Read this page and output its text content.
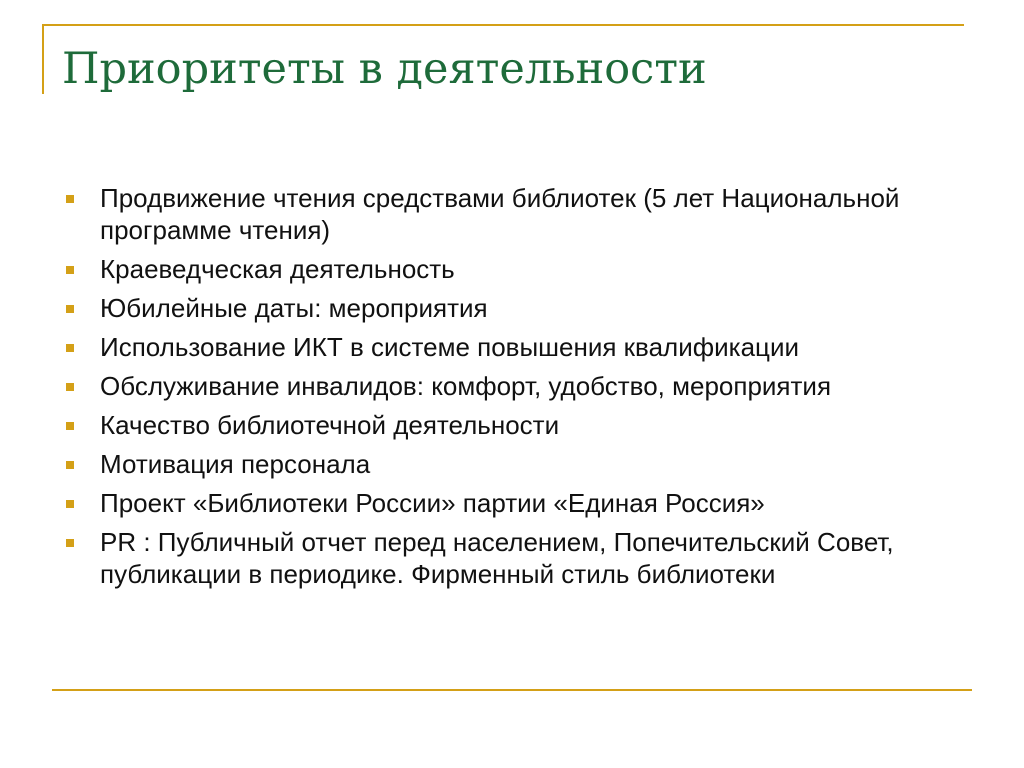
Приоритеты в деятельности
Продвижение чтения средствами библиотек (5 лет Национальной программе чтения)
Краеведческая деятельность
Юбилейные даты: мероприятия
Использование ИКТ в системе повышения квалификации
Обслуживание инвалидов: комфорт, удобство, мероприятия
Качество библиотечной деятельности
Мотивация персонала
Проект «Библиотеки России» партии «Единая Россия»
PR : Публичный отчет перед населением, Попечительский Совет, публикации в периодике. Фирменный стиль библиотеки
